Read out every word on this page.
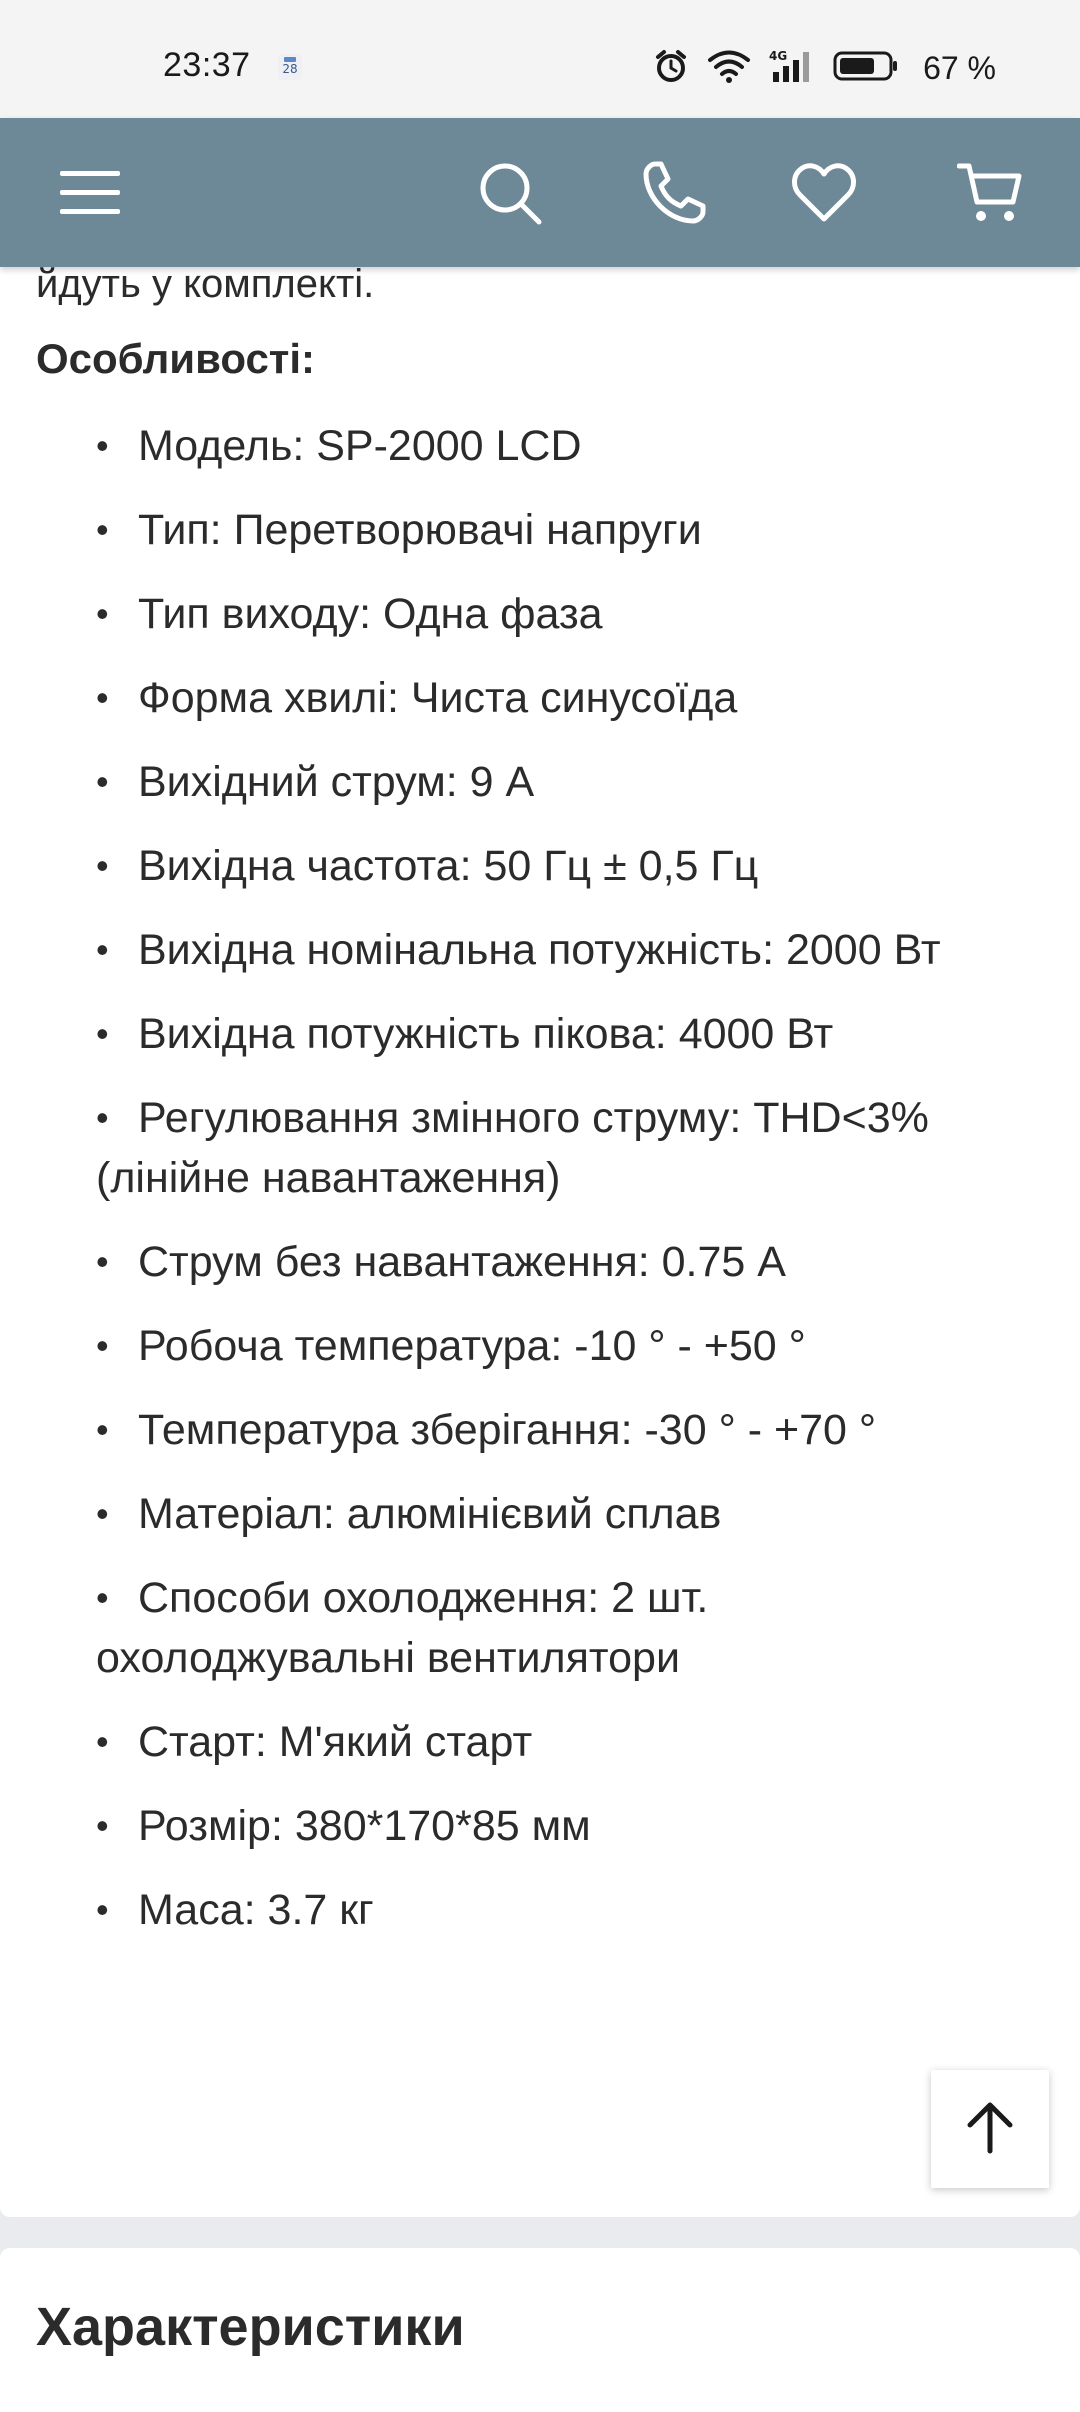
23:37	28
4G	67 %
йдуть у комплекті.
Особливості:
• Модель: SP-2000 LCD
• Тип: Перетворювачі напруги
• Тип виходу: Одна фаза
• Форма хвилі: Чиста синусоїда
• Вихідний струм: 9 А
• Вихідна частота: 50 Гц ± 0,5 Гц
• Вихідна номінальна потужність: 2000 Вт
• Вихідна потужність пікова: 4000 Вт
• Регулювання змінного струму: THD<3% (лінійне навантаження)
• Струм без навантаження: 0.75 А
• Робоча температура: -10 ° - +50 °
• Температура зберігання: -30 ° - +70 °
• Матеріал: алюмінієвий сплав
• Способи охолодження: 2 шт. охолоджувальні вентилятори
• Старт: М'який старт
• Розмір: 380*170*85 мм
• Маса: 3.7 кг
Характеристики
